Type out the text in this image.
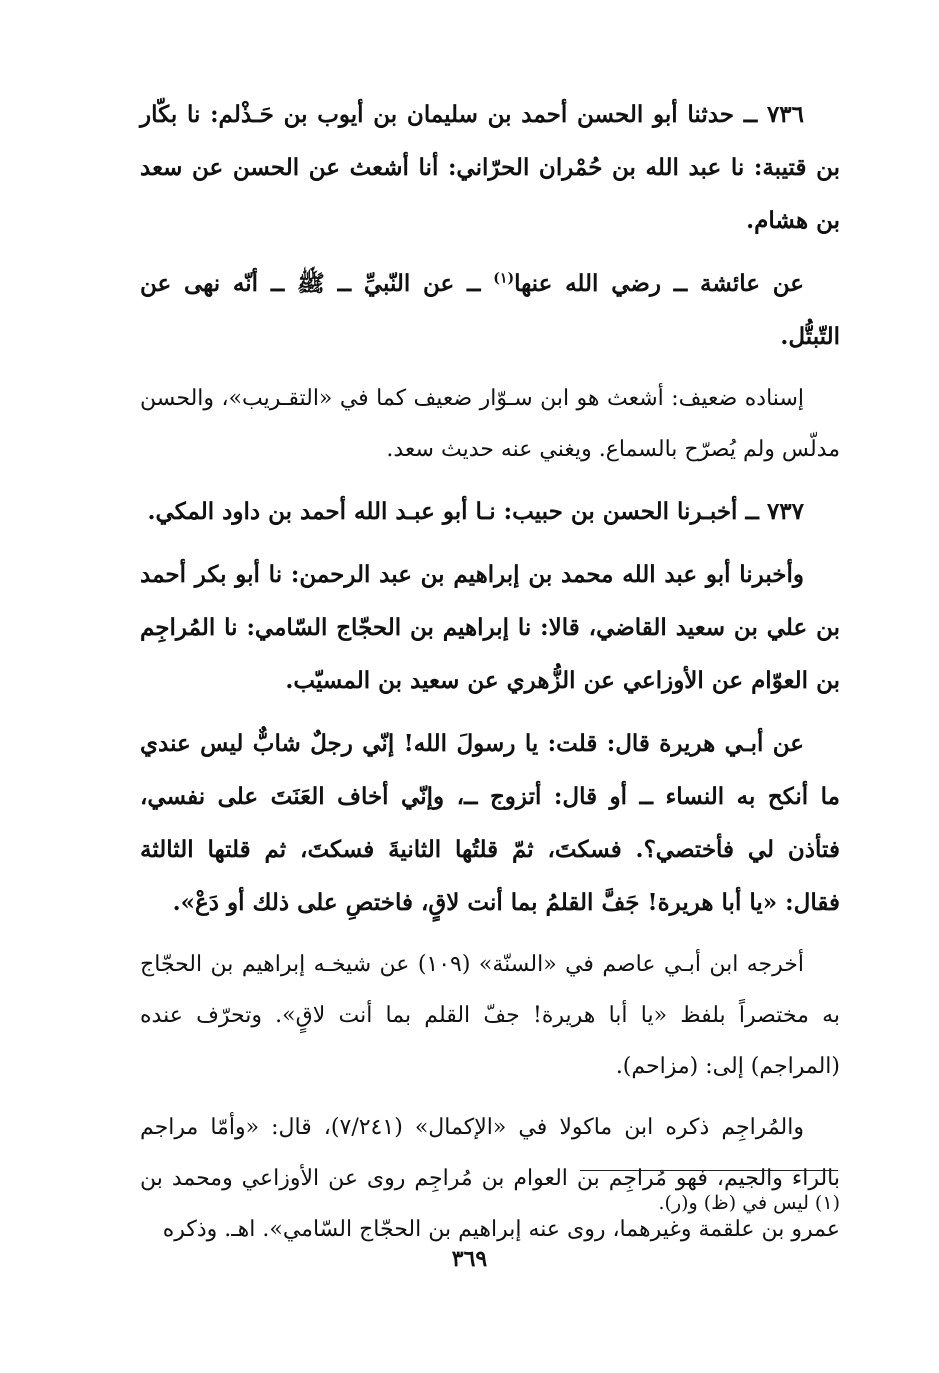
٧٣٦ ــ حدثنا أبو الحسن أحمد بن سليمان بن أيوب بن حَـذْلم: نا بكّار بن قتيبة: نا عبد الله بن حُمْران الحرّاني: أنا أشعث عن الحسن عن سعد بن هشام.

عن عائشة ــ رضي الله عنها$^{(١)}$ ــ عن النّبيِّ ــ ﷺ ــ أنّه نهى عن التّبتُّل.

إسناده ضعيف: أشعث هو ابن سـوّار ضعيف كما في «التقـريب»، والحسن مدلّس ولم يُصرّح بالسماع. ويغني عنه حديث سعد.

٧٣٧ ــ أخبـرنا الحسن بن حبيب: نـا أبو عبـد الله أحمد بن داود المكي.

وأخبرنا أبو عبد الله محمد بن إبراهيم بن عبد الرحمن: نا أبو بكر أحمد بن علي بن سعيد القاضي، قالا: نا إبراهيم بن الحجّاج السّامي: نا المُراجِم بن العوّام عن الأوزاعي عن الزُّهري عن سعيد بن المسيّب.

عن أبـي هريرة قال: قلت: يا رسولَ الله! إنّي رجلٌ شابٌّ ليس عندي ما أنكح به النساء ــ أو قال: أتزوج ــ، وإنّي أخاف العَنَتَ على نفسي، فتأذن لي فأختصي؟. فسكتَ، ثمّ قلتُها الثانيةَ فسكتَ، ثم قلتها الثالثة فقال: «يا أبا هريرة! جَفَّ القلمُ بما أنت لاقٍ، فاختصِ على ذلك أو دَعْ».

أخرجه ابن أبـي عاصم في «السنّة» (١٠٩) عن شيخـه إبراهيم بن الحجّاج به مختصراً بلفظ «يا أبا هريرة! جفّ القلم بما أنت لاقٍ». وتحرّف عنده (المراجم) إلى: (مزاحم).

والمُراجِم ذكره ابن ماكولا في «الإكمال» (٧/٢٤١)، قال: «وأمّا مراجم بالراء والجيم، فهو مُراجِم بن العوام بن مُراجِم روى عن الأوزاعي ومحمد بن عمرو بن علقمة وغيرهما، روى عنه إبراهيم بن الحجّاج السّامي». اهـ. وذكره

(١) ليس في (ظ) و(ر).
٣٦٩
